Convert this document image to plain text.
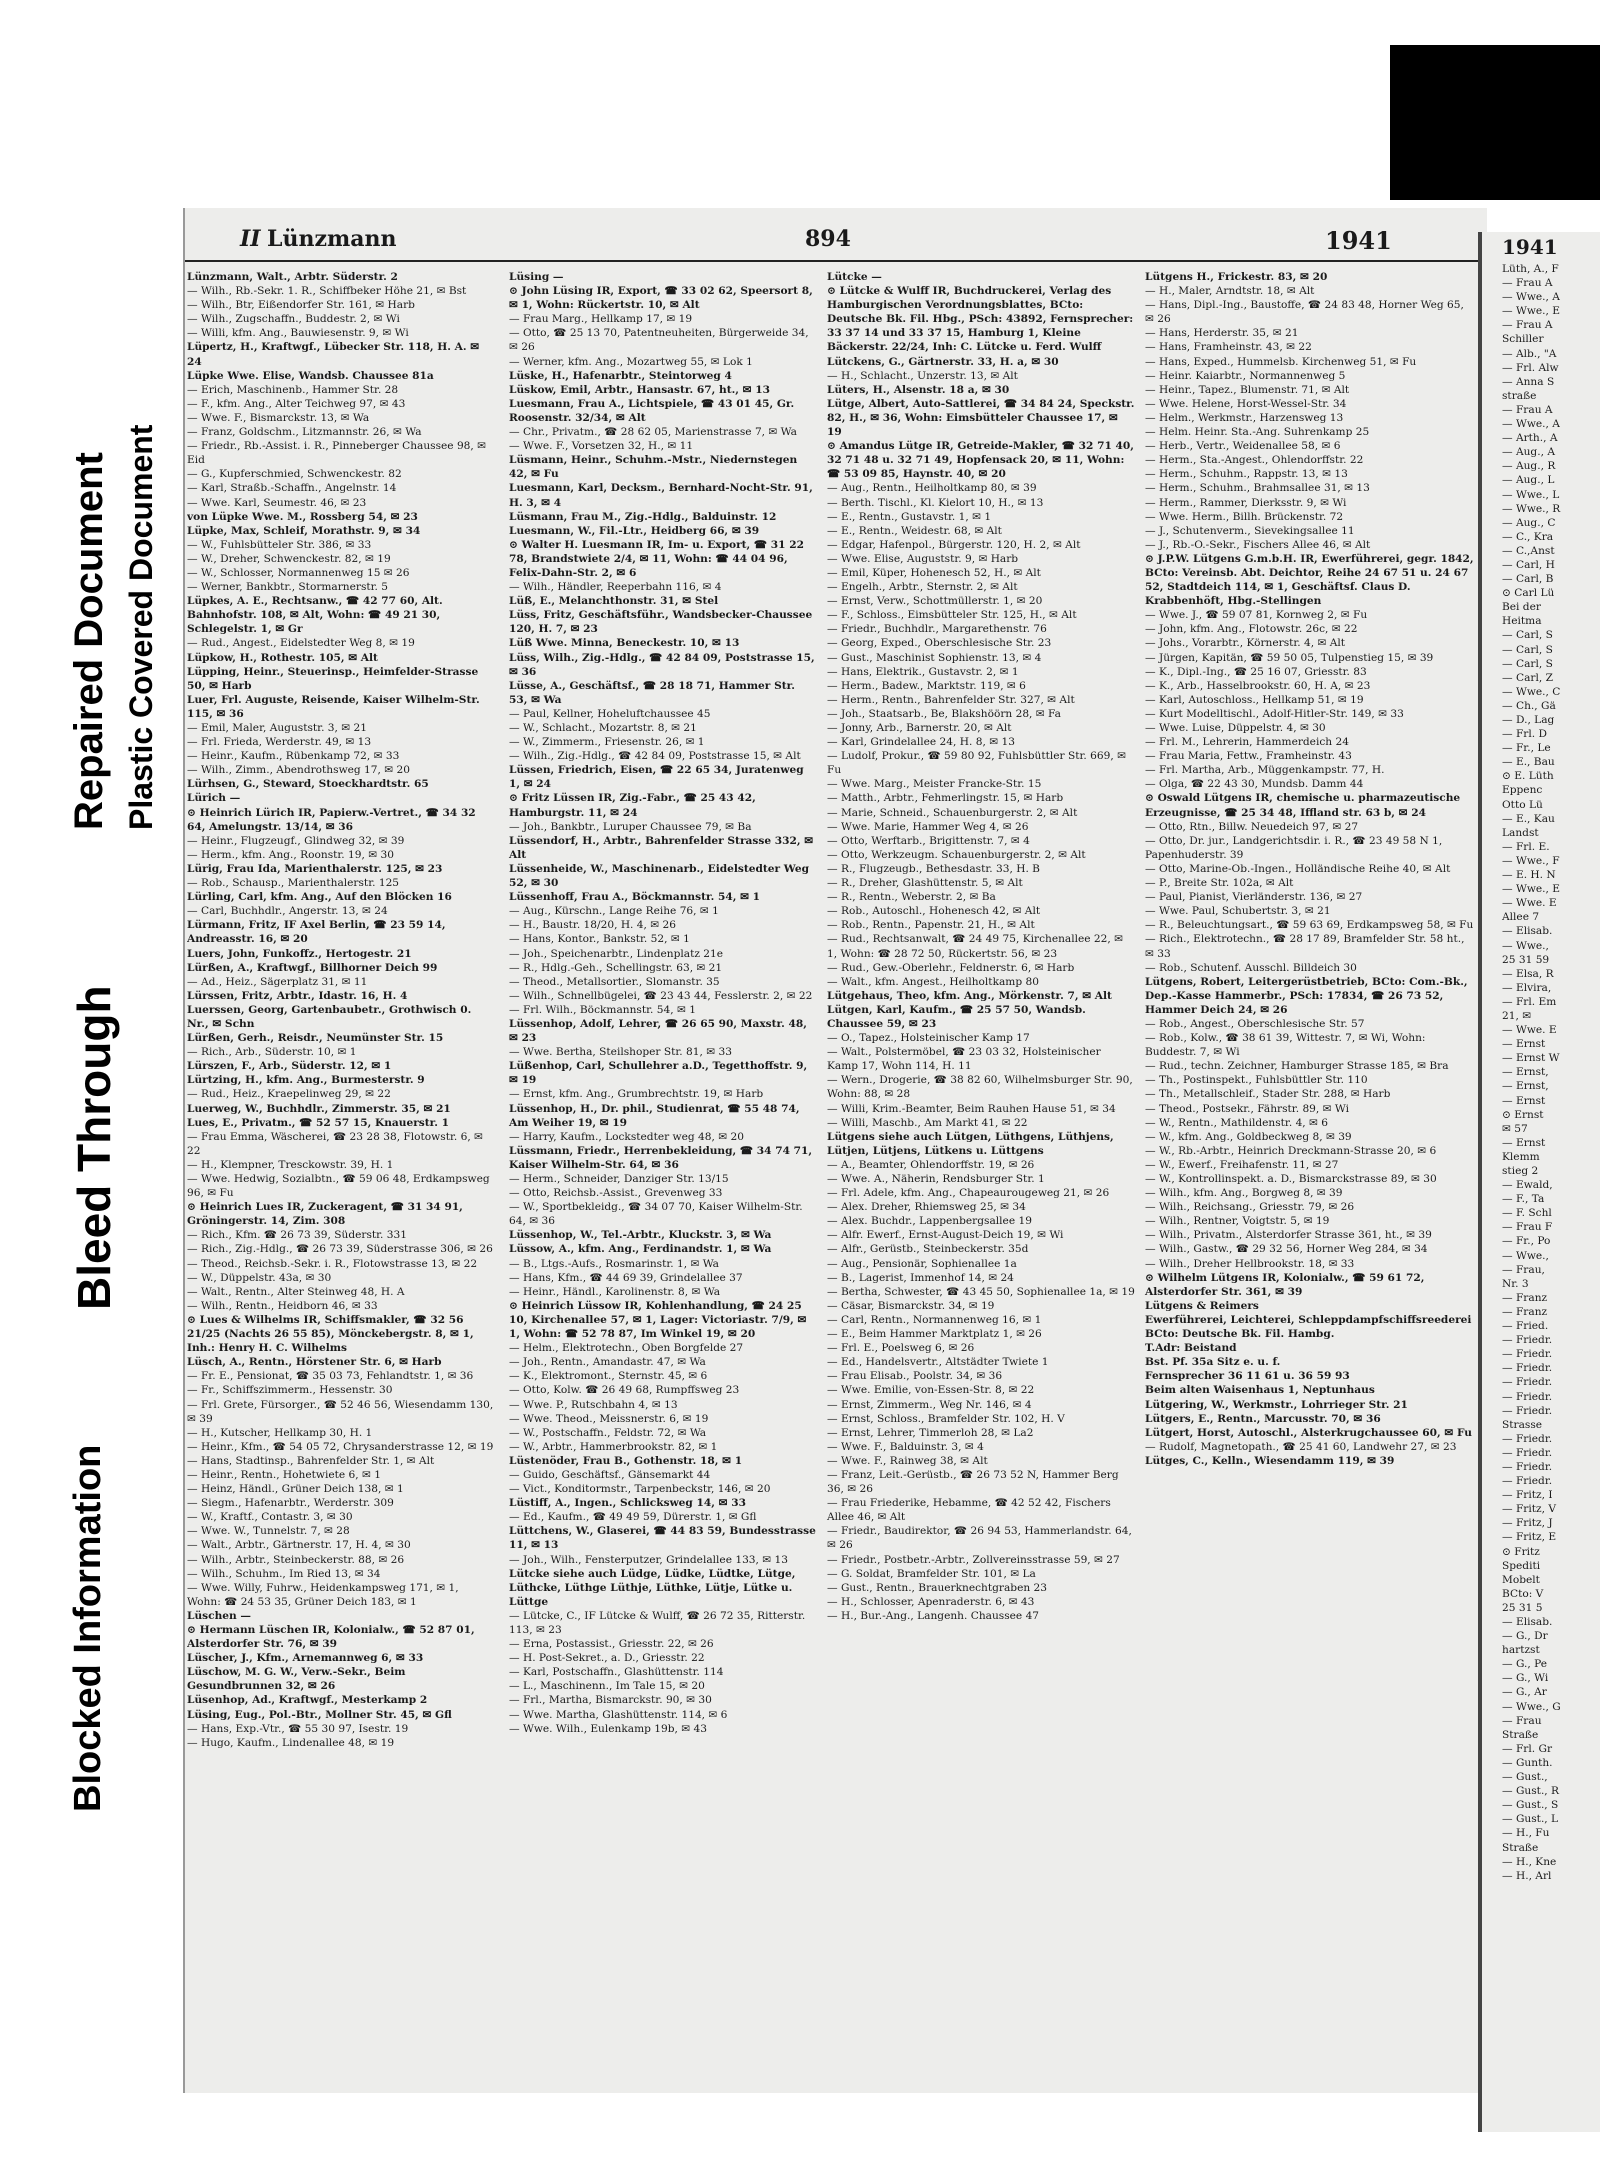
Blocked Information
Bleed Through
Repaired Document Plastic Covered Document
II Lünzmann	894	1941

Lünzmann, Walt., Arbtr. Süderstr. 2

— Wilh., Rb.-Sekr. 1. R., Schiffbeker Höhe 21, ✉ Bst

— Wilh., Btr, Eißendorfer Str. 161, ✉ Harb

— Wilh., Zugschaffn., Buddestr. 2, ✉ Wi

— Willi, kfm. Ang., Bauwiesenstr. 9, ✉ Wi

Lüpertz, H., Kraftwgf., Lübecker Str. 118, H. A. ✉ 24

Lüpke Wwe. Elise, Wandsb. Chaussee 81a

— Erich, Maschinenb., Hammer Str. 28

— F., kfm. Ang., Alter Teichweg 97, ✉ 43

— Wwe. F., Bismarckstr. 13, ✉ Wa

— Franz, Goldschm., Litzmannstr. 26, ✉ Wa

— Friedr., Rb.-Assist. i. R., Pinneberger Chaussee 98, ✉ Eid

— G., Kupferschmied, Schwenckestr. 82

— Karl, Straßb.-Schaffn., Angelnstr. 14

— Wwe. Karl, Seumestr. 46, ✉ 23

von Lüpke Wwe. M., Rossberg 54, ✉ 23

Lüpke, Max, Schleif, Morathstr. 9, ✉ 34

— W., Fuhlsbütteler Str. 386, ✉ 33

— W., Dreher, Schwenckestr. 82, ✉ 19

— W., Schlosser, Normannenweg 15 ✉ 26

— Werner, Bankbtr., Stormarnerstr. 5

Lüpkes, A. E., Rechtsanw., ☎ 42 77 60, Alt. Bahnhofstr. 108, ✉ Alt, Wohn: ☎ 49 21 30, Schlegelstr. 1, ✉ Gr

— Rud., Angest., Eidelstedter Weg 8, ✉ 19

Lüpkow, H., Rothestr. 105, ✉ Alt

Lüpping, Heinr., Steuerinsp., Heimfelder-Strasse 50, ✉ Harb

Luer, Frl. Auguste, Reisende, Kaiser Wilhelm-Str. 115, ✉ 36

— Emil, Maler, Auguststr. 3, ✉ 21

— Frl. Frieda, Werderstr. 49, ✉ 13

— Heinr., Kaufm., Rübenkamp 72, ✉ 33

— Wilh., Zimm., Abendrothsweg 17, ✉ 20

Lürhsen, G., Steward, Stoeckhardtstr. 65

Lürich —

⊙ Heinrich Lürich IR, Papierw.-Vertret., ☎ 34 32 64, Amelungstr. 13/14, ✉ 36

— Heinr., Flugzeugf., Glindweg 32, ✉ 39

— Herm., kfm. Ang., Roonstr. 19, ✉ 30

Lürig, Frau Ida, Marienthalerstr. 125, ✉ 23

— Rob., Schausp., Marienthalerstr. 125

Lürling, Carl, kfm. Ang., Auf den Blöcken 16

— Carl, Buchhdlr., Angerstr. 13, ✉ 24

Lürmann, Fritz, IF Axel Berlin, ☎ 23 59 14, Andreasstr. 16, ✉ 20

Luers, John, Funkoffz., Hertogestr. 21

Lürßen, A., Kraftwgf., Billhorner Deich 99

— Ad., Heiz., Sägerplatz 31, ✉ 11

Lürssen, Fritz, Arbtr., Idastr. 16, H. 4

Luerssen, Georg, Gartenbaubetr., Grothwisch 0. Nr., ✉ Schn

Lürßen, Gerh., Reisdr., Neumünster Str. 15

— Rich., Arb., Süderstr. 10, ✉ 1

Lürszen, F., Arb., Süderstr. 12, ✉ 1

Lürtzing, H., kfm. Ang., Burmesterstr. 9

— Rud., Heiz., Kraepelinweg 29, ✉ 22

Luerweg, W., Buchhdlr., Zimmerstr. 35, ✉ 21

Lues, E., Privatm., ☎ 52 57 15, Knauerstr. 1

— Frau Emma, Wäscherei, ☎ 23 28 38, Flotowstr. 6, ✉ 22

— H., Klempner, Tresckowstr. 39, H. 1

— Wwe. Hedwig, Sozialbtn., ☎ 59 06 48, Erdkampsweg 96, ✉ Fu

⊙ Heinrich Lues IR, Zuckeragent, ☎ 31 34 91, Gröningerstr. 14, Zim. 308

— Rich., Kfm. ☎ 26 73 39, Süderstr. 331

— Rich., Zig.-Hdlg., ☎ 26 73 39, Süderstrasse 306, ✉ 26

— Theod., Reichsb.-Sekr. i. R., Flotowstrasse 13, ✉ 22

— W., Düppelstr. 43a, ✉ 30

— Walt., Rentn., Alter Steinweg 48, H. A

— Wilh., Rentn., Heidborn 46, ✉ 33

⊙ Lues & Wilhelms IR, Schiffsmakler, ☎ 32 56 21/25 (Nachts 26 55 85), Mönckebergstr. 8, ✉ 1, Inh.: Henry H. C. Wilhelms

Lüsch, A., Rentn., Hörstener Str. 6, ✉ Harb

— Fr. E., Pensionat, ☎ 35 03 73, Fehlandtstr. 1, ✉ 36

— Fr., Schiffszimmerm., Hessenstr. 30

— Frl. Grete, Fürsorger., ☎ 52 46 56, Wiesendamm 130, ✉ 39

— H., Kutscher, Hellkamp 30, H. 1

— Heinr., Kfm., ☎ 54 05 72, Chrysanderstrasse 12, ✉ 19

— Hans, Stadtinsp., Bahrenfelder Str. 1, ✉ Alt

— Heinr., Rentn., Hohetwiete 6, ✉ 1

— Heinz, Händl., Grüner Deich 138, ✉ 1

— Siegm., Hafenarbtr., Werderstr. 309

— W., Kraftf., Contastr. 3, ✉ 30

— Wwe. W., Tunnelstr. 7, ✉ 28

— Walt., Arbtr., Gärtnerstr. 17, H. 4, ✉ 30

— Wilh., Arbtr., Steinbeckerstr. 88, ✉ 26

— Wilh., Schuhm., Im Ried 13, ✉ 34

— Wwe. Willy, Fuhrw., Heidenkampsweg 171, ✉ 1, Wohn: ☎ 24 53 35, Grüner Deich 183, ✉ 1

Lüschen —

⊙ Hermann Lüschen IR, Kolonialw., ☎ 52 87 01, Alsterdorfer Str. 76, ✉ 39

Lüscher, J., Kfm., Arnemannweg 6, ✉ 33

Lüschow, M. G. W., Verw.-Sekr., Beim Gesundbrunnen 32, ✉ 26

Lüsenhop, Ad., Kraftwgf., Mesterkamp 2

Lüsing, Eug., Pol.-Btr., Mollner Str. 45, ✉ Gfl

— Hans, Exp.-Vtr., ☎ 55 30 97, Isestr. 19

— Hugo, Kaufm., Lindenallee 48, ✉ 19

Lüsing —

⊙ John Lüsing IR, Export, ☎ 33 02 62, Speersort 8, ✉ 1, Wohn: Rückertstr. 10, ✉ Alt

— Frau Marg., Hellkamp 17, ✉ 19

— Otto, ☎ 25 13 70, Patentneuheiten, Bürgerweide 34, ✉ 26

— Werner, kfm. Ang., Mozartweg 55, ✉ Lok 1

Lüske, H., Hafenarbtr., Steintorweg 4

Lüskow, Emil, Arbtr., Hansastr. 67, ht., ✉ 13

Luesmann, Frau A., Lichtspiele, ☎ 43 01 45, Gr. Roosenstr. 32/34, ✉ Alt

— Chr., Privatm., ☎ 28 62 05, Marienstrasse 7, ✉ Wa

— Wwe. F., Vorsetzen 32, H., ✉ 11

Lüsmann, Heinr., Schuhm.-Mstr., Niedernstegen 42, ✉ Fu

Luesmann, Karl, Decksm., Bernhard-Nocht-Str. 91, H. 3, ✉ 4

Lüsmann, Frau M., Zig.-Hdlg., Balduinstr. 12

Luesmann, W., Fil.-Ltr., Heidberg 66, ✉ 39

⊙ Walter H. Luesmann IR, Im- u. Export, ☎ 31 22 78, Brandstwiete 2/4, ✉ 11, Wohn: ☎ 44 04 96, Felix-Dahn-Str. 2, ✉ 6

— Wilh., Händler, Reeperbahn 116, ✉ 4

Lüß, E., Melanchthonstr. 31, ✉ Stel

Lüss, Fritz, Geschäftsführ., Wandsbecker-Chaussee 120, H. 7, ✉ 23

Lüß Wwe. Minna, Beneckestr. 10, ✉ 13

Lüss, Wilh., Zig.-Hdlg., ☎ 42 84 09, Poststrasse 15, ✉ 36

Lüsse, A., Geschäftsf., ☎ 28 18 71, Hammer Str. 53, ✉ Wa

— Paul, Kellner, Hoheluftchaussee 45

— W., Schlacht., Mozartstr. 8, ✉ 21

— W., Zimmerm., Friesenstr. 26, ✉ 1

— Wilh., Zig.-Hdlg., ☎ 42 84 09, Poststrasse 15, ✉ Alt

Lüssen, Friedrich, Eisen, ☎ 22 65 34, Juratenweg 1, ✉ 24

⊙ Fritz Lüssen IR, Zig.-Fabr., ☎ 25 43 42, Hamburgstr. 11, ✉ 24

— Joh., Bankbtr., Luruper Chaussee 79, ✉ Ba

Lüssendorf, H., Arbtr., Bahrenfelder Strasse 332, ✉ Alt

Lüssenheide, W., Maschinenarb., Eidelstedter Weg 52, ✉ 30

Lüssenhoff, Frau A., Böckmannstr. 54, ✉ 1

— Aug., Kürschn., Lange Reihe 76, ✉ 1

— H., Baustr. 18/20, H. 4, ✉ 26

— Hans, Kontor., Bankstr. 52, ✉ 1

— Joh., Speichenarbtr., Lindenplatz 21e

— R., Hdlg.-Geh., Schellingstr. 63, ✉ 21

— Theod., Metallsortier., Slomanstr. 35

— Wilh., Schnellbügelei, ☎ 23 43 44, Fesslerstr. 2, ✉ 22

— Frl. Wilh., Böckmannstr. 54, ✉ 1

Lüssenhop, Adolf, Lehrer, ☎ 26 65 90, Maxstr. 48, ✉ 23

— Wwe. Bertha, Steilshoper Str. 81, ✉ 33

Lüßenhop, Carl, Schullehrer a.D., Tegetthoffstr. 9, ✉ 19

— Ernst, kfm. Ang., Grumbrechtstr. 19, ✉ Harb

Lüssenhop, H., Dr. phil., Studienrat, ☎ 55 48 74, Am Weiher 19, ✉ 19

— Harry, Kaufm., Lockstedter weg 48, ✉ 20

Lüssmann, Friedr., Herrenbekleidung, ☎ 34 74 71, Kaiser Wilhelm-Str. 64, ✉ 36

— Herm., Schneider, Danziger Str. 13/15

— Otto, Reichsb.-Assist., Grevenweg 33

— W., Sportbekleidg., ☎ 34 07 70, Kaiser Wilhelm-Str. 64, ✉ 36

Lüssenhop, W., Tel.-Arbtr., Kluckstr. 3, ✉ Wa

Lüssow, A., kfm. Ang., Ferdinandstr. 1, ✉ Wa

— B., Ltgs.-Aufs., Rosmarinstr. 1, ✉ Wa

— Hans, Kfm., ☎ 44 69 39, Grindelallee 37

— Heinr., Händl., Karolinenstr. 8, ✉ Wa

⊙ Heinrich Lüssow IR, Kohlenhandlung, ☎ 24 25 10, Kirchenallee 57, ✉ 1, Lager: Victoriastr. 7/9, ✉ 1, Wohn: ☎ 52 78 87, Im Winkel 19, ✉ 20

— Helm., Elektrotechn., Oben Borgfelde 27

— Joh., Rentn., Amandastr. 47, ✉ Wa

— K., Elektromont., Sternstr. 45, ✉ 6

— Otto, Kolw. ☎ 26 49 68, Rumpffsweg 23

— Wwe. P., Rutschbahn 4, ✉ 13

— Wwe. Theod., Meissnerstr. 6, ✉ 19

— W., Postschaffn., Feldstr. 72, ✉ Wa

— W., Arbtr., Hammerbrookstr. 82, ✉ 1

Lüstenöder, Frau B., Gothenstr. 18, ✉ 1

— Guido, Geschäftsf., Gänsemarkt 44

— Vict., Konditormstr., Tarpenbeckstr, 146, ✉ 20

Lüstiff, A., Ingen., Schlicksweg 14, ✉ 33

— Ed., Kaufm., ☎ 49 49 59, Dürerstr. 1, ✉ Gfl

Lüttchens, W., Glaserei, ☎ 44 83 59, Bundesstrasse 11, ✉ 13

— Joh., Wilh., Fensterputzer, Grindelallee 133, ✉ 13

Lütcke siehe auch Lüdge, Lüdke, Lüdtke, Lütge, Lüthcke, Lüthge Lüthje, Lüthke, Lütje, Lütke u. Lüttge

— Lütcke, C., IF Lütcke & Wulff, ☎ 26 72 35, Ritterstr. 113, ✉ 23

— Erna, Postassist., Griesstr. 22, ✉ 26

— H. Post-Sekret., a. D., Griesstr. 22

— Karl, Postschaffn., Glashüttenstr. 114

— L., Maschinenn., Im Tale 15, ✉ 20

— Frl., Martha, Bismarckstr. 90, ✉ 30

— Wwe. Martha, Glashüttenstr. 114, ✉ 6

— Wwe. Wilh., Eulenkamp 19b, ✉ 43

Lütcke —

⊙ Lütcke & Wulff IR, Buchdruckerei, Verlag des Hamburgischen Verordnungsblattes, BCto: Deutsche Bk. Fil. Hbg., PSch: 43892, Fernsprecher: 33 37 14 und 33 37 15, Hamburg 1, Kleine Bäckerstr. 22/24, Inh: C. Lütcke u. Ferd. Wulff

Lütckens, G., Gärtnerstr. 33, H. a, ✉ 30

— H., Schlacht., Unzerstr. 13, ✉ Alt

Lüters, H., Alsenstr. 18 a, ✉ 30

Lütge, Albert, Auto-Sattlerei, ☎ 34 84 24, Speckstr. 82, H., ✉ 36, Wohn: Eimsbütteler Chaussee 17, ✉ 19

⊙ Amandus Lütge IR, Getreide-Makler, ☎ 32 71 40, 32 71 48 u. 32 71 49, Hopfensack 20, ✉ 11, Wohn: ☎ 53 09 85, Haynstr. 40, ✉ 20

— Aug., Rentn., Heilholtkamp 80, ✉ 39

— Berth. Tischl., Kl. Kielort 10, H., ✉ 13

— E., Rentn., Gustavstr. 1, ✉ 1

— E., Rentn., Weidestr. 68, ✉ Alt

— Edgar, Hafenpol., Bürgerstr. 120, H. 2, ✉ Alt

— Wwe. Elise, Auguststr. 9, ✉ Harb

— Emil, Küper, Hohenesch 52, H., ✉ Alt

— Engelh., Arbtr., Sternstr. 2, ✉ Alt

— Ernst, Verw., Schottmüllerstr. 1, ✉ 20

— F., Schloss., Eimsbütteler Str. 125, H., ✉ Alt

— Friedr., Buchhdlr., Margarethenstr. 76

— Georg, Exped., Oberschlesische Str. 23

— Gust., Maschinist Sophienstr. 13, ✉ 4

— Hans, Elektrik., Gustavstr. 2, ✉ 1

— Herm., Badew., Marktstr. 119, ✉ 6

— Herm., Rentn., Bahrenfelder Str. 327, ✉ Alt

— Joh., Staatsarb., Be, Blakshöörn 28, ✉ Fa

— Jonny, Arb., Barnerstr. 20, ✉ Alt

— Karl, Grindelallee 24, H. 8, ✉ 13

— Ludolf, Prokur., ☎ 59 80 92, Fuhlsbüttler Str. 669, ✉ Fu

— Wwe. Marg., Meister Francke-Str. 15

— Matth., Arbtr., Fehmerlingstr. 15, ✉ Harb

— Marie, Schneid., Schauenburgerstr. 2, ✉ Alt

— Wwe. Marie, Hammer Weg 4, ✉ 26

— Otto, Werftarb., Brigittenstr. 7, ✉ 4

— Otto, Werkzeugm. Schauenburgerstr. 2, ✉ Alt

— R., Flugzeugb., Bethesdastr. 33, H. B

— R., Dreher, Glashüttenstr. 5, ✉ Alt

— R., Rentn., Weberstr. 2, ✉ Ba

— Rob., Autoschl., Hohenesch 42, ✉ Alt

— Rob., Rentn., Papenstr. 21, H., ✉ Alt

— Rud., Rechtsanwalt, ☎ 24 49 75, Kirchenallee 22, ✉ 1, Wohn: ☎ 28 72 50, Rückertstr. 56, ✉ 23

— Rud., Gew.-Oberlehr., Feldnerstr. 6, ✉ Harb

— Walt., kfm. Angest., Heilholtkamp 80

Lütgehaus, Theo, kfm. Ang., Mörkenstr. 7, ✉ Alt

Lütgen, Karl, Kaufm., ☎ 25 57 50, Wandsb. Chaussee 59, ✉ 23

— O., Tapez., Holsteinischer Kamp 17

— Walt., Polstermöbel, ☎ 23 03 32, Holsteinischer Kamp 17, Wohn 114, H. 11

— Wern., Drogerie, ☎ 38 82 60, Wilhelmsburger Str. 90, Wohn: 88, ✉ 28

— Willi, Krim.-Beamter, Beim Rauhen Hause 51, ✉ 34

— Willi, Maschb., Am Markt 41, ✉ 22

Lütgens siehe auch Lütgen, Lüthgens, Lüthjens, Lütjen, Lütjens, Lütkens u. Lüttgens

— A., Beamter, Ohlendorffstr. 19, ✉ 26

— Wwe. A., Näherin, Rendsburger Str. 1

— Frl. Adele, kfm. Ang., Chapeaurougeweg 21, ✉ 26

— Alex. Dreher, Rhiemsweg 25, ✉ 34

— Alex. Buchdr., Lappenbergsallee 19

— Alfr. Ewerf., Ernst-August-Deich 19, ✉ Wi

— Alfr., Gerüstb., Steinbeckerstr. 35d

— Aug., Pensionär, Sophienallee 1a

— B., Lagerist, Immenhof 14, ✉ 24

— Bertha, Schwester, ☎ 43 45 50, Sophienallee 1a, ✉ 19

— Cäsar, Bismarckstr. 34, ✉ 19

— Carl, Rentn., Normannenweg 16, ✉ 1

— E., Beim Hammer Marktplatz 1, ✉ 26

— Frl. E., Poelsweg 6, ✉ 26

— Ed., Handelsvertr., Altstädter Twiete 1

— Frau Elisab., Poolstr. 34, ✉ 36

— Wwe. Emilie, von-Essen-Str. 8, ✉ 22

— Ernst, Zimmerm., Weg Nr. 146, ✉ 4

— Ernst, Schloss., Bramfelder Str. 102, H. V

— Ernst, Lehrer, Timmerloh 28, ✉ La2

— Wwe. F., Balduinstr. 3, ✉ 4

— Wwe. F., Rainweg 38, ✉ Alt

— Franz, Leit.-Gerüstb., ☎ 26 73 52 N, Hammer Berg 36, ✉ 26

— Frau Friederike, Hebamme, ☎ 42 52 42, Fischers Allee 46, ✉ Alt

— Friedr., Baudirektor, ☎ 26 94 53, Hammerlandstr. 64, ✉ 26

— Friedr., Postbetr.-Arbtr., Zollvereinsstrasse 59, ✉ 27

— G. Soldat, Bramfelder Str. 101, ✉ La

— Gust., Rentn., Brauerknechtgraben 23

— H., Schlosser, Apenraderstr. 6, ✉ 43

— H., Bur.-Ang., Langenh. Chaussee 47

Lütgens H., Frickestr. 83, ✉ 20

— H., Maler, Arndtstr. 18, ✉ Alt

— Hans, Dipl.-Ing., Baustoffe, ☎ 24 83 48, Horner Weg 65, ✉ 26

— Hans, Herderstr. 35, ✉ 21

— Hans, Framheinstr. 43, ✉ 22

— Hans, Exped., Hummelsb. Kirchenweg 51, ✉ Fu

— Heinr. Kaiarbtr., Normannenweg 5

— Heinr., Tapez., Blumenstr. 71, ✉ Alt

— Wwe. Helene, Horst-Wessel-Str. 34

— Helm., Werkmstr., Harzensweg 13

— Helm. Heinr. Sta.-Ang. Suhrenkamp 25

— Herb., Vertr., Weidenallee 58, ✉ 6

— Herm., Sta.-Angest., Ohlendorffstr. 22

— Herm., Schuhm., Rappstr. 13, ✉ 13

— Herm., Schuhm., Brahmsallee 31, ✉ 13

— Herm., Rammer, Dierksstr. 9, ✉ Wi

— Wwe. Herm., Billh. Brückenstr. 72

— J., Schutenverm., Sievekingsallee 11

— J., Rb.-O.-Sekr., Fischers Allee 46, ✉ Alt

⊙ J.P.W. Lütgens G.m.b.H. IR, Ewerführerei, gegr. 1842, BCto: Vereinsb. Abt. Deichtor, Reihe 24 67 51 u. 24 67 52, Stadtdeich 114, ✉ 1, Geschäftsf. Claus D. Krabbenhöft, Hbg.-Stellingen

— Wwe. J., ☎ 59 07 81, Kornweg 2, ✉ Fu

— John, kfm. Ang., Flotowstr. 26c, ✉ 22

— Johs., Vorarbtr., Körnerstr. 4, ✉ Alt

— Jürgen, Kapitän, ☎ 59 50 05, Tulpenstieg 15, ✉ 39

— K., Dipl.-Ing., ☎ 25 16 07, Griesstr. 83

— K., Arb., Hasselbrookstr. 60, H. A, ✉ 23

— Karl, Autoschloss., Hellkamp 51, ✉ 19

— Kurt Modelltischl., Adolf-Hitler-Str. 149, ✉ 33

— Wwe. Luise, Düppelstr. 4, ✉ 30

— Frl. M., Lehrerin, Hammerdeich 24

— Frau Maria, Fettw., Framheinstr. 43

— Frl. Martha, Arb., Müggenkampstr. 77, H.

— Olga, ☎ 22 43 30, Mundsb. Damm 44

⊙ Oswald Lütgens IR, chemische u. pharmazeutische Erzeugnisse, ☎ 25 34 48, Iffland str. 63 b, ✉ 24

— Otto, Rtn., Billw. Neuedeich 97, ✉ 27

— Otto, Dr. jur., Landgerichtsdir. i. R., ☎ 23 49 58 N 1, Papenhuderstr. 39

— Otto, Marine-Ob.-Ingen., Holländische Reihe 40, ✉ Alt

— P., Breite Str. 102a, ✉ Alt

— Paul, Pianist, Vierländerstr. 136, ✉ 27

— Wwe. Paul, Schubertstr. 3, ✉ 21

— R., Beleuchtungsart., ☎ 59 63 69, Erdkampsweg 58, ✉ Fu

— Rich., Elektrotechn., ☎ 28 17 89, Bramfelder Str. 58 ht., ✉ 33

— Rob., Schutenf. Ausschl. Billdeich 30

Lütgens, Robert, Leitergerüstbetrieb, BCto: Com.-Bk., Dep.-Kasse Hammerbr., PSch: 17834, ☎ 26 73 52, Hammer Deich 24, ✉ 26

— Rob., Angest., Oberschlesische Str. 57

— Rob., Kolw., ☎ 38 61 39, Wittestr. 7, ✉ Wi, Wohn: Buddestr. 7, ✉ Wi

— Rud., techn. Zeichner, Hamburger Strasse 185, ✉ Bra

— Th., Postinspekt., Fuhlsbüttler Str. 110

— Th., Metallschleif., Stader Str. 288, ✉ Harb

— Theod., Postsekr., Fährstr. 89, ✉ Wi

— W., Rentn., Mathildenstr. 4, ✉ 6

— W., kfm. Ang., Goldbeckweg 8, ✉ 39

— W., Rb.-Arbtr., Heinrich Dreckmann-Strasse 20, ✉ 6

— W., Ewerf., Freihafenstr. 11, ✉ 27

— W., Kontrollinspekt. a. D., Bismarckstrasse 89, ✉ 30

— Wilh., kfm. Ang., Borgweg 8, ✉ 39

— Wilh., Reichsang., Griesstr. 79, ✉ 26

— Wilh., Rentner, Voigtstr. 5, ✉ 19

— Wilh., Privatm., Alsterdorfer Strasse 361, ht., ✉ 39

— Wilh., Gastw., ☎ 29 32 56, Horner Weg 284, ✉ 34

— Wilh., Dreher Hellbrookstr. 18, ✉ 33

⊙ Wilhelm Lütgens IR, Kolonialw., ☎ 59 61 72, Alsterdorfer Str. 361, ✉ 39

Lütgens & Reimers

Ewerführerei, Leichterei, Schleppdampfschiffsreederei

BCto: Deutsche Bk. Fil. Hambg.

T.Adr: Beistand

Bst. Pf. 35a Sitz e. u. f.

Fernsprecher 36 11 61 u. 36 59 93

Beim alten Waisenhaus 1, Neptunhaus

Lütgering, W., Werkmstr., Lohrrieger Str. 21

Lütgers, E., Rentn., Marcusstr. 70, ✉ 36

Lütgert, Horst, Autoschl., Alsterkrugchaussee 60, ✉ Fu

— Rudolf, Magnetopath., ☎ 25 41 60, Landwehr 27, ✉ 23

Lütges, C., Kelln., Wiesendamm 119, ✉ 39

1941

Lüth, A., F

— Frau A

— Wwe., A

— Wwe., E

— Frau A

Schiller

— Alb., "A

— Frl. Alw

— Anna S

straße

— Frau A

— Wwe., A

— Arth., A

— Aug., A

— Aug., R

— Aug., L

— Wwe., L

— Wwe., R

— Aug., C

— C., Kra

— C.,Anst

— Carl, H

— Carl, B

⊙ Carl Lü

Bei der

Heitma

— Carl, S

— Carl, S

— Carl, S

— Carl, Z

— Wwe., C

— Ch., Gä

— D., Lag

— Frl. D

— Fr., Le

— E., Bau

⊙ E. Lüth

Eppenc

Otto Lü

— E., Kau

Landst

— Frl. E.

— Wwe., F

— E. H. N

— Wwe., E

— Wwe. E

Allee 7

— Elisab.

— Wwe.,

25 31 59

— Elsa, R

— Elvira,

— Frl. Em

21, ✉

— Wwe. E

— Ernst

— Ernst W

— Ernst,

— Ernst,

— Ernst

⊙ Ernst

✉ 57

— Ernst

Klemm

stieg 2

— Ewald,

— F., Ta

— F. Schl

— Frau F

— Fr., Po

— Wwe.,

— Frau,

Nr. 3

— Franz

— Franz

— Fried.

— Friedr.

— Friedr.

— Friedr.

— Friedr.

— Friedr.

— Friedr.

Strasse

— Friedr.

— Friedr.

— Friedr.

— Friedr.

— Fritz, I

— Fritz, V

— Fritz, J

— Fritz, E

⊙ Fritz

Spediti

Mobelt

BCto: V

25 31 5

— Elisab.

— G., Dr

hartzst

— G., Pe

— G., Wi

— G., Ar

— Wwe., G

— Frau

Straße

— Frl. Gr

— Gunth.

— Gust.,

— Gust., R

— Gust., S

— Gust., L

— H., Fu

Straße

— H., Kne

— H., Arl
